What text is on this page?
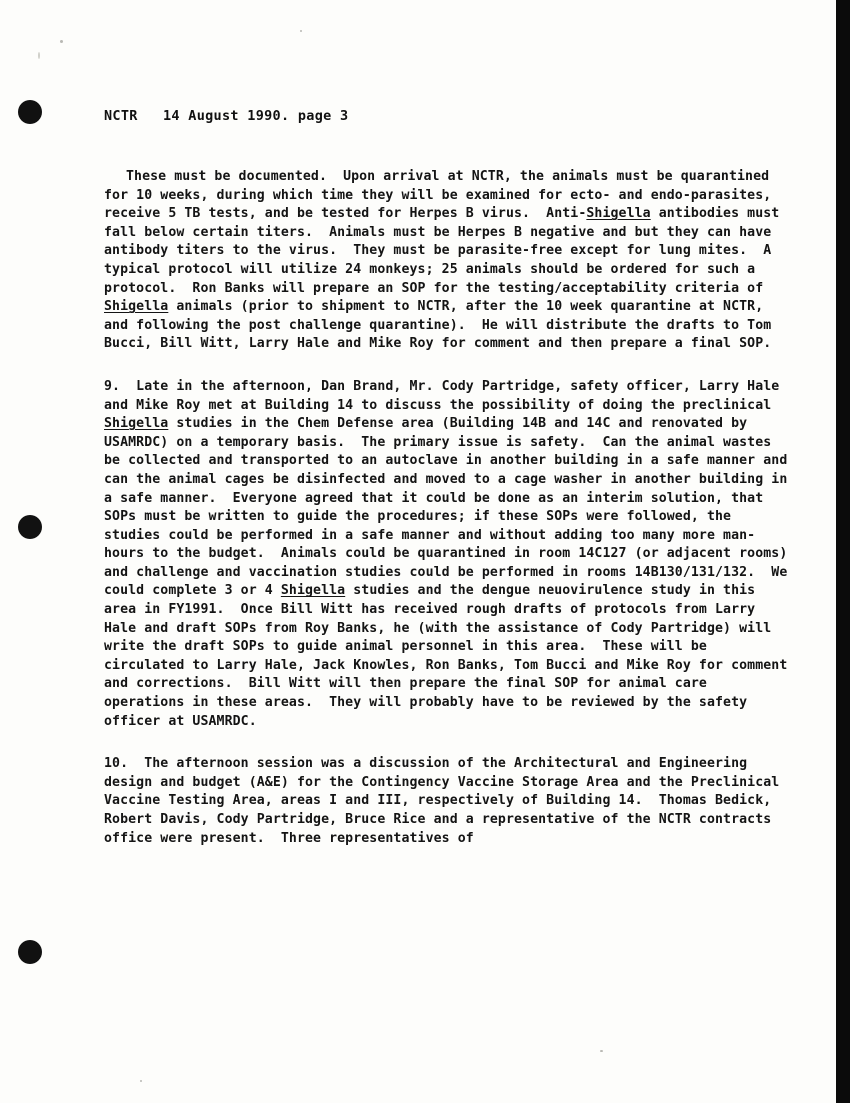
NCTR   14 August 1990. page 3
These must be documented.  Upon arrival at NCTR, the animals must be quarantined for 10 weeks, during which time they will be examined for ecto- and endo-parasites, receive 5 TB tests, and be tested for Herpes B virus.  Anti-Shigella antibodies must fall below certain titers.  Animals must be Herpes B negative and but they can have antibody titers to the virus.  They must be parasite-free except for lung mites.  A typical protocol will utilize 24 monkeys; 25 animals should be ordered for such a protocol.  Ron Banks will prepare an SOP for the testing/acceptability criteria of Shigella animals (prior to shipment to NCTR, after the 10 week quarantine at NCTR, and following the post challenge quarantine).  He will distribute the drafts to Tom Bucci, Bill Witt, Larry Hale and Mike Roy for comment and then prepare a final SOP.
9.  Late in the afternoon, Dan Brand, Mr. Cody Partridge, safety officer, Larry Hale and Mike Roy met at Building 14 to discuss the possibility of doing the preclinical Shigella studies in the Chem Defense area (Building 14B and 14C and renovated by USAMRDC) on a temporary basis.  The primary issue is safety.  Can the animal wastes be collected and transported to an autoclave in another building in a safe manner and can the animal cages be disinfected and moved to a cage washer in another building in a safe manner.  Everyone agreed that it could be done as an interim solution, that SOPs must be written to guide the procedures; if these SOPs were followed, the studies could be performed in a safe manner and without adding too many more man-hours to the budget.  Animals could be quarantined in room 14C127 (or adjacent rooms) and challenge and vaccination studies could be performed in rooms 14B130/131/132.  We could complete 3 or 4 Shigella studies and the dengue neuovirulence study in this area in FY1991.  Once Bill Witt has received rough drafts of protocols from Larry Hale and draft SOPs from Roy Banks, he (with the assistance of Cody Partridge) will write the draft SOPs to guide animal personnel in this area.  These will be circulated to Larry Hale, Jack Knowles, Ron Banks, Tom Bucci and Mike Roy for comment and corrections.  Bill Witt will then prepare the final SOP for animal care operations in these areas.  They will probably have to be reviewed by the safety officer at USAMRDC.
10.  The afternoon session was a discussion of the Architectural and Engineering design and budget (A&E) for the Contingency Vaccine Storage Area and the Preclinical Vaccine Testing Area, areas I and III, respectively of Building 14.  Thomas Bedick, Robert Davis, Cody Partridge, Bruce Rice and a representative of the NCTR contracts office were present.  Three representatives of
